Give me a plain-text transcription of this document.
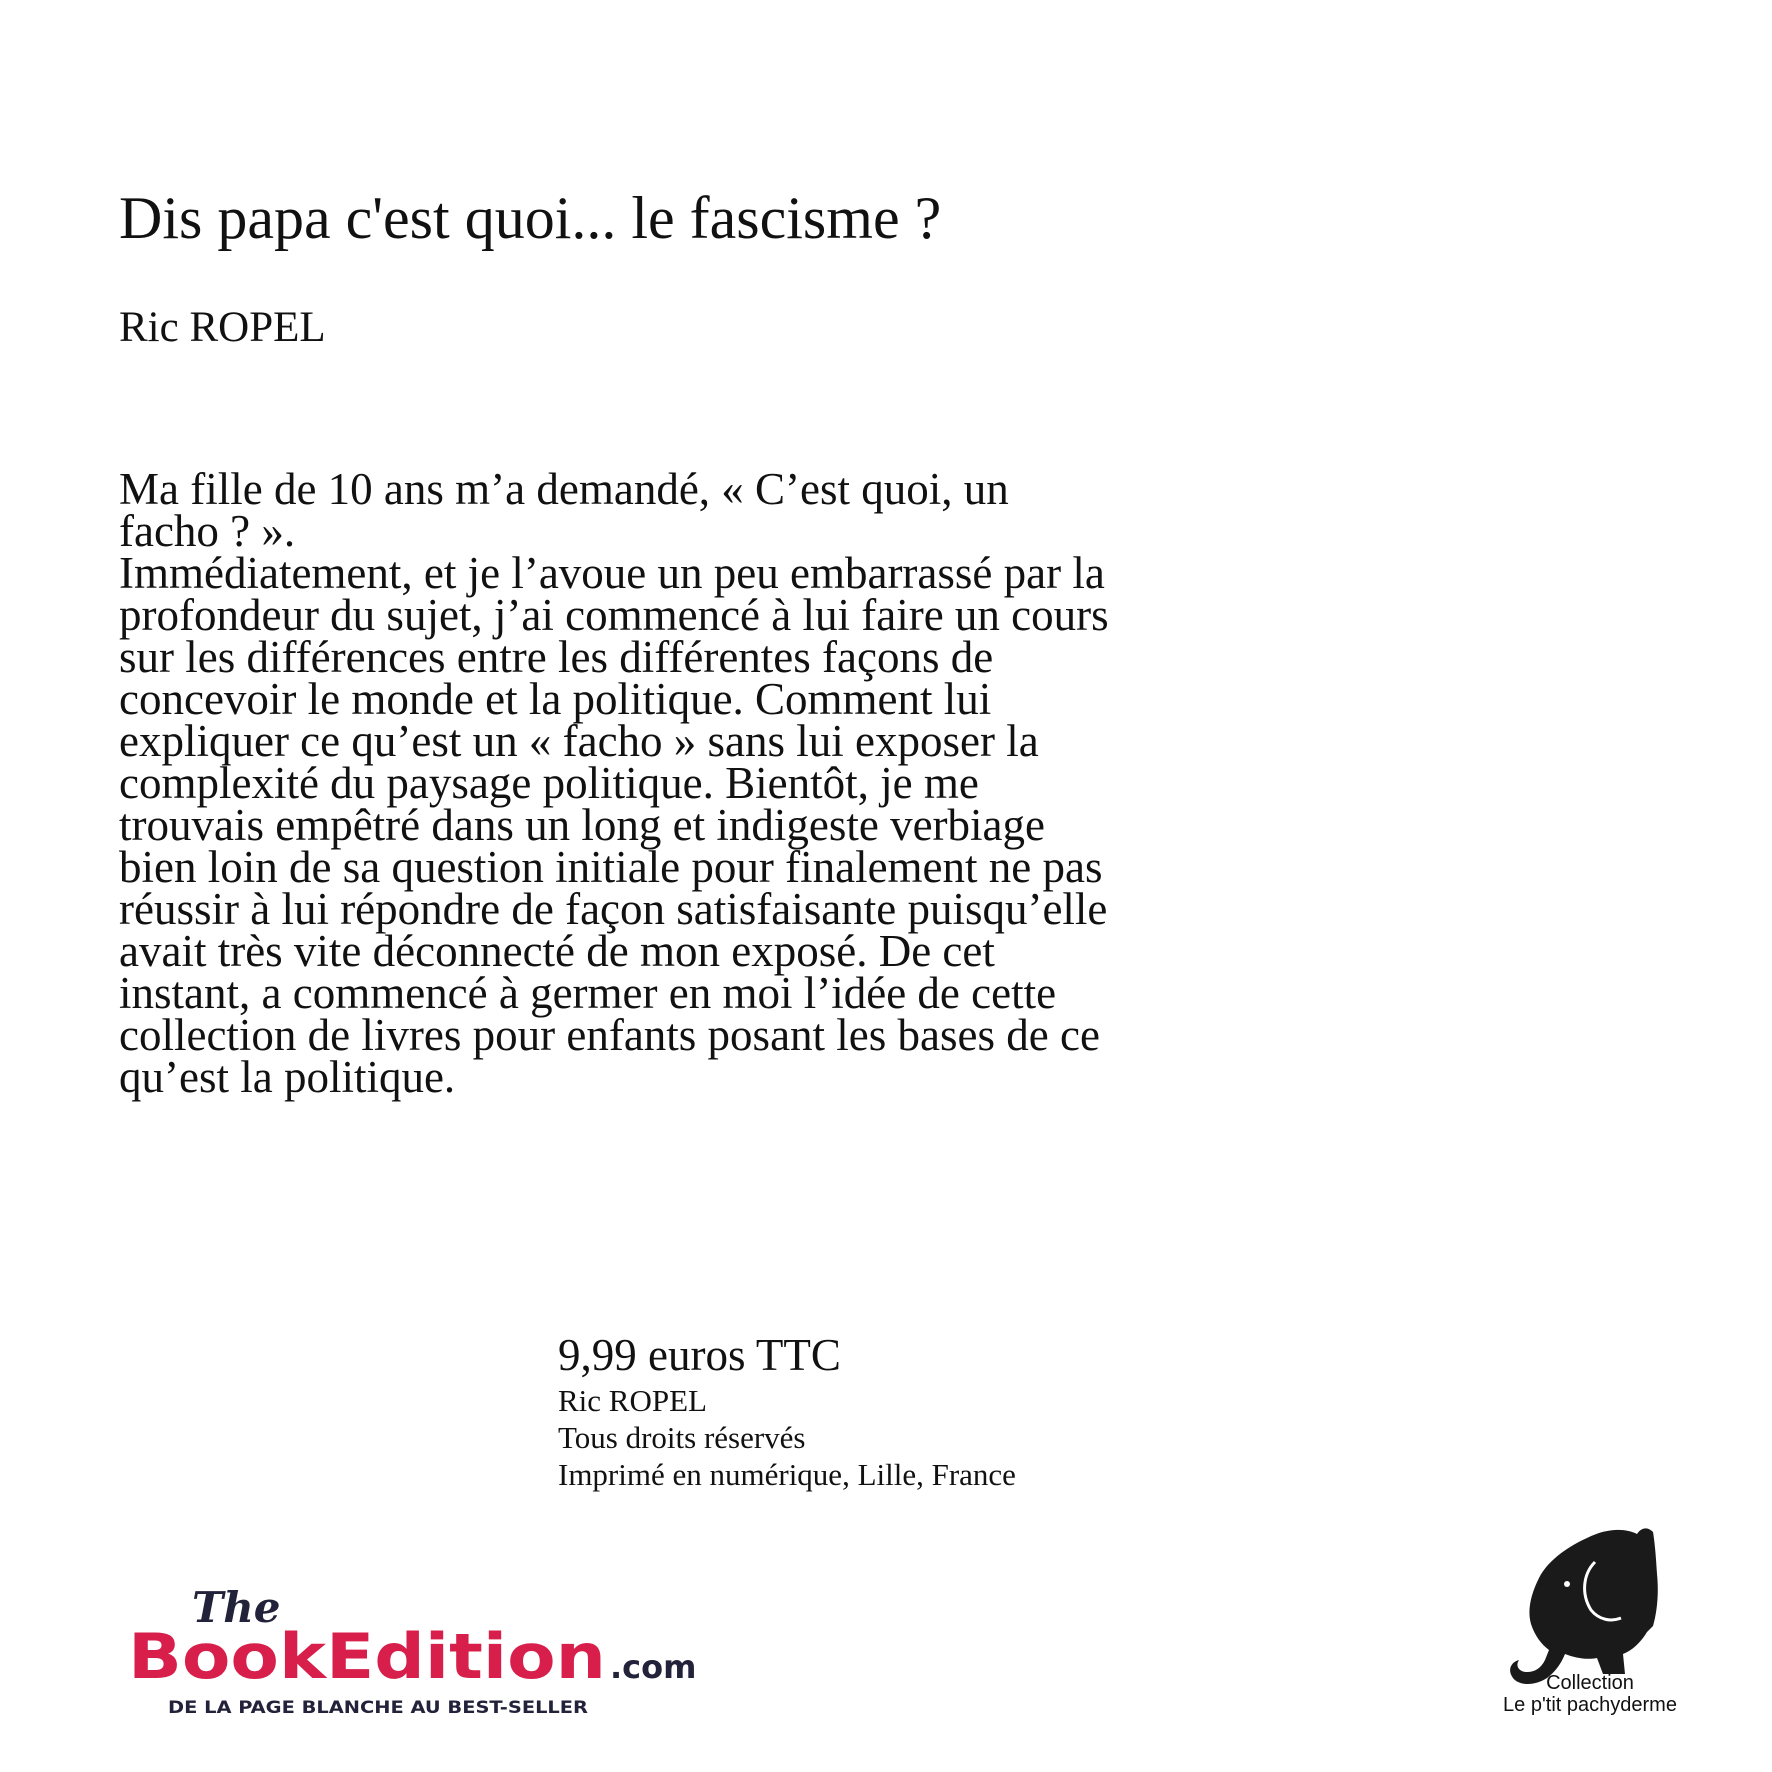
Dis papa c'est quoi... le fascisme ?
Ric ROPEL
Ma fille de 10 ans m’a demandé, « C’est quoi, un
facho ? ».
Immédiatement, et je l’avoue un peu embarrassé par la
profondeur du sujet, j’ai commencé à lui faire un cours
sur les différences entre les différentes façons de
concevoir le monde et la politique. Comment lui
expliquer ce qu’est un « facho » sans lui exposer la
complexité du paysage politique. Bientôt, je me
trouvais empêtré dans un long et indigeste verbiage
bien loin de sa question initiale pour finalement ne pas
réussir à lui répondre de façon satisfaisante puisqu’elle
avait très vite déconnecté de mon exposé. De cet
instant, a commencé à germer en moi l’idée de cette
collection de livres pour enfants posant les bases de ce
qu’est la politique.
9,99 euros TTC
Ric ROPEL
Tous droits réservés
Imprimé en numérique, Lille, France
The
BookEdition .com
DE LA PAGE BLANCHE AU BEST-SELLER
Collection
Le p'tit pachyderme
